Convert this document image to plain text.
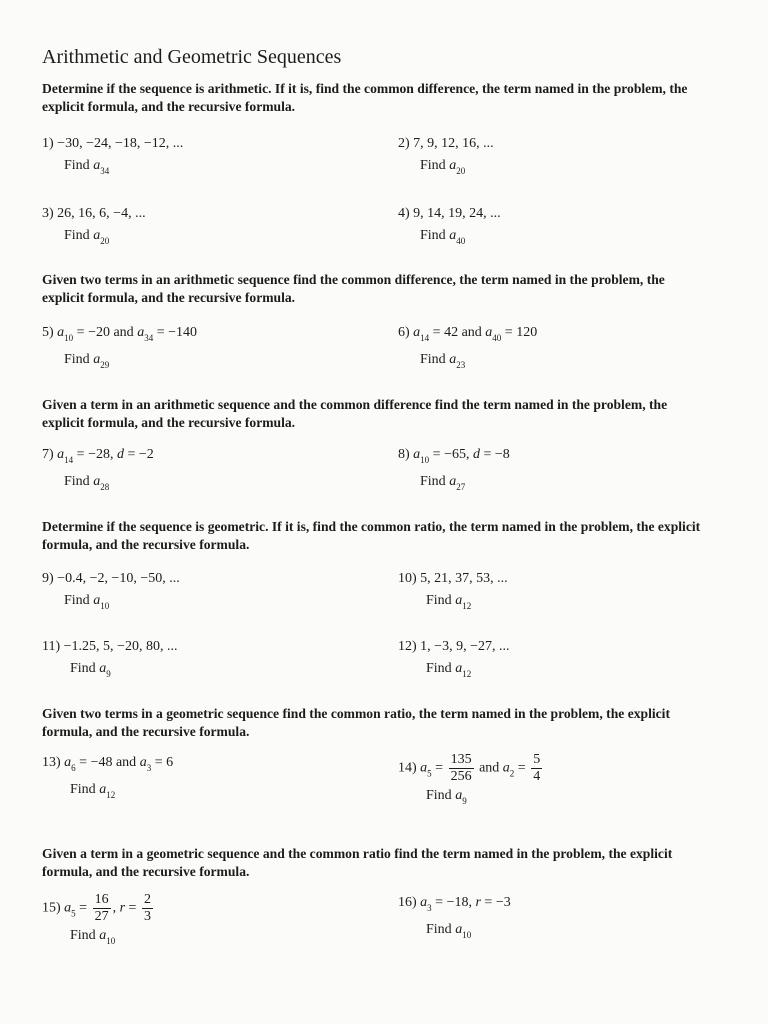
Arithmetic and Geometric Sequences
Determine if the sequence is arithmetic. If it is, find the common difference, the term named in the problem, the explicit formula, and the recursive formula.
1) −30, −24, −18, −12, ...
Find $a_{34}$
2) 7, 9, 12, 16, ...
Find $a_{20}$
3) 26, 16, 6, −4, ...
Find $a_{20}$
4) 9, 14, 19, 24, ...
Find $a_{40}$
Given two terms in an arithmetic sequence find the common difference, the term named in the problem, the explicit formula, and the recursive formula.
5) $a_{10} = -20$ and $a_{34} = -140$
Find $a_{29}$
6) $a_{14} = 42$ and $a_{40} = 120$
Find $a_{23}$
Given a term in an arithmetic sequence and the common difference find the term named in the problem, the explicit formula, and the recursive formula.
7) $a_{14} = -28$, d = −2
Find $a_{28}$
8) $a_{10} = -65$, d = −8
Find $a_{27}$
Determine if the sequence is geometric. If it is, find the common ratio, the term named in the problem, the explicit formula, and the recursive formula.
9) −0.4, −2, −10, −50, ...
Find $a_{10}$
10) 5, 21, 37, 53, ...
Find $a_{12}$
11) −1.25, 5, −20, 80, ...
Find $a_9$
12) 1, −3, 9, −27, ...
Find $a_{12}$
Given two terms in a geometric sequence find the common ratio, the term named in the problem, the explicit formula, and the recursive formula.
13) $a_6 = -48$ and $a_3 = 6$
Find $a_{12}$
14) $a_5 = \frac{135}{256}$ and $a_2 = \frac{5}{4}$
Find $a_9$
Given a term in a geometric sequence and the common ratio find the term named in the problem, the explicit formula, and the recursive formula.
15) $a_5 = \frac{16}{27}$ , $r = \frac{2}{3}$
Find $a_{10}$
16) $a_3 = -18$, r = −3
Find $a_{10}$
